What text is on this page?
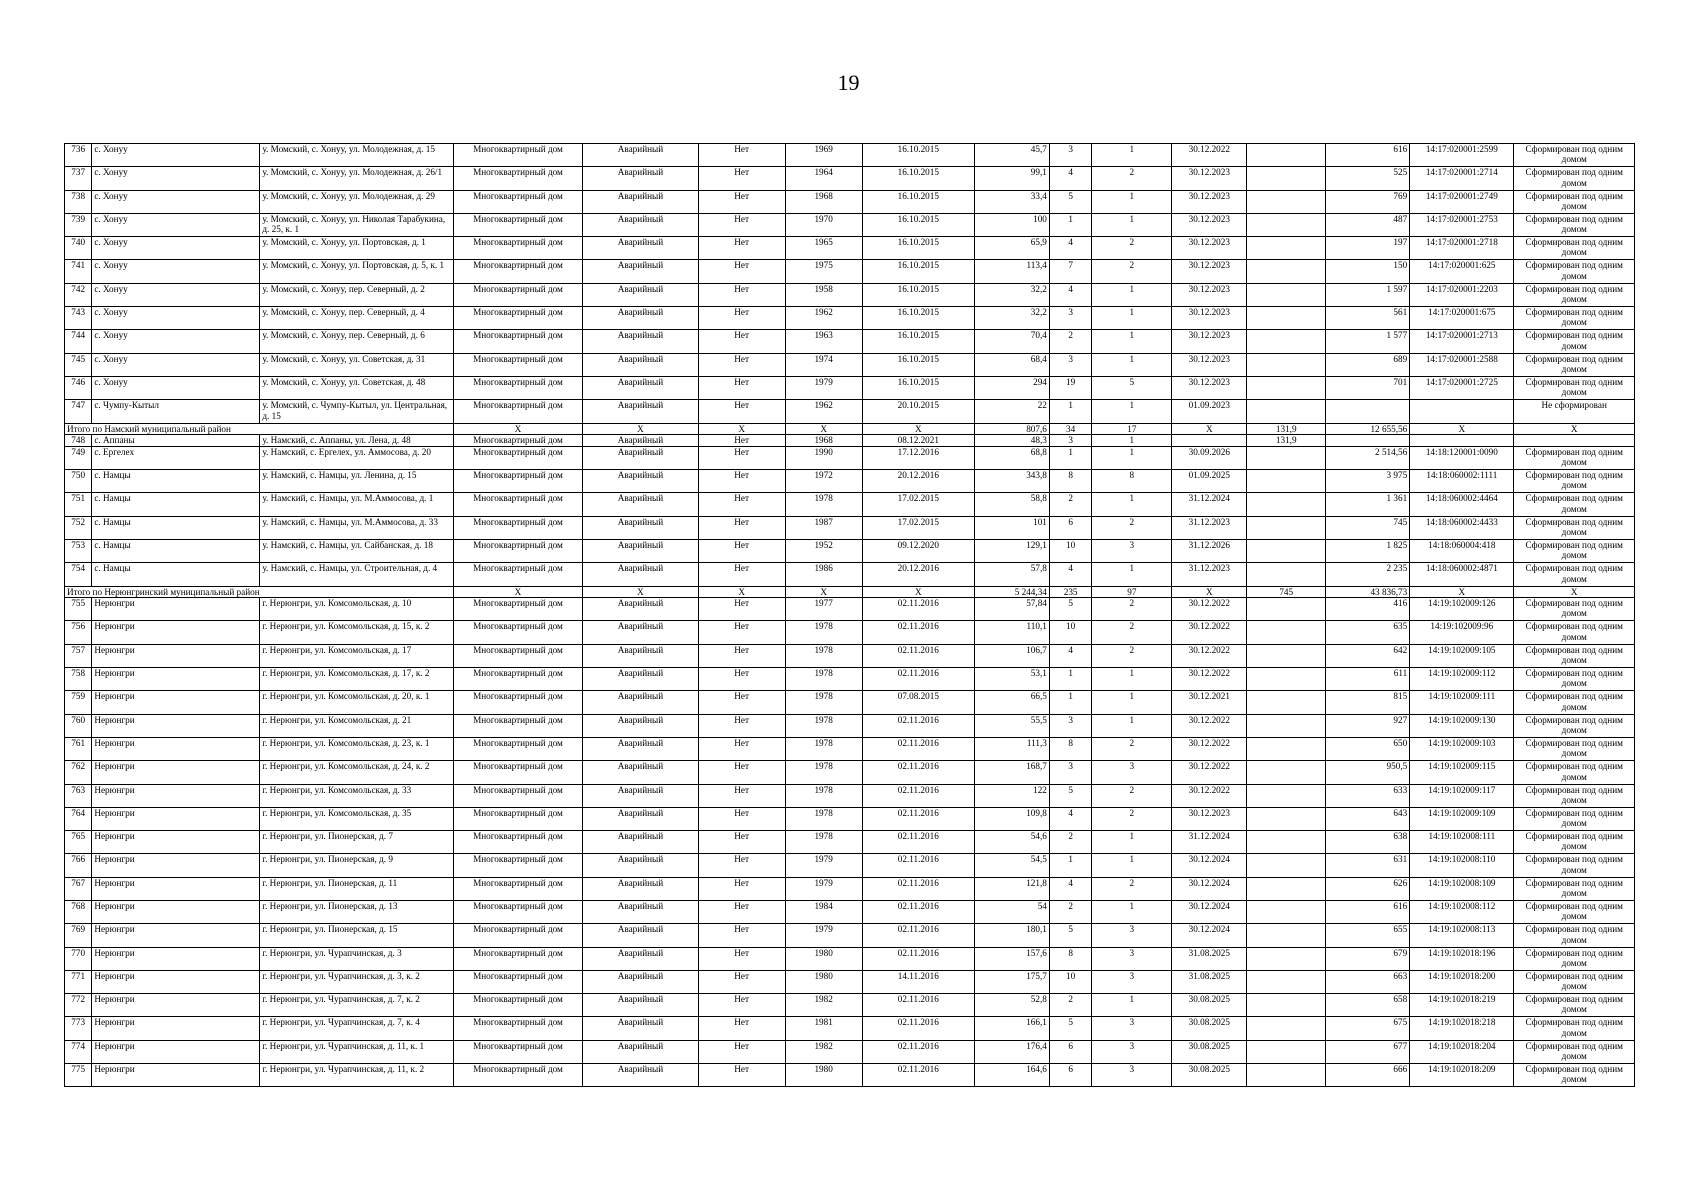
19
736	с. Хонуу	у. Момский, с. Хонуу, ул. Молодежная, д. 15	Многоквартирный дом	Аварийный	Нет	1969	16.10.2015	45,7	3	1	30.12.2022		616	14:17:020001:2599	Сформирован под одним домом
737	с. Хонуу	у. Момский, с. Хонуу, ул. Молодежная, д. 26/1	Многоквартирный дом	Аварийный	Нет	1964	16.10.2015	99,1	4	2	30.12.2023		525	14:17:020001:2714	Сформирован под одним домом
738	с. Хонуу	у. Момский, с. Хонуу, ул. Молодежная, д. 29	Многоквартирный дом	Аварийный	Нет	1968	16.10.2015	33,4	5	1	30.12.2023		769	14:17:020001:2749	Сформирован под одним домом
739	с. Хонуу	у. Момский, с. Хонуу, ул. Николая Тарабукина, д. 25, к. 1	Многоквартирный дом	Аварийный	Нет	1970	16.10.2015	100	1	1	30.12.2023		487	14:17:020001:2753	Сформирован под одним домом
740	с. Хонуу	у. Момский, с. Хонуу, ул. Портовская, д. 1	Многоквартирный дом	Аварийный	Нет	1965	16.10.2015	65,9	4	2	30.12.2023		197	14:17:020001:2718	Сформирован под одним домом
741	с. Хонуу	у. Момский, с. Хонуу, ул. Портовская, д. 5, к. 1	Многоквартирный дом	Аварийный	Нет	1975	16.10.2015	113,4	7	2	30.12.2023		150	14:17:020001:625	Сформирован под одним домом
742	с. Хонуу	у. Момский, с. Хонуу, пер. Северный, д. 2	Многоквартирный дом	Аварийный	Нет	1958	16.10.2015	32,2	4	1	30.12.2023		1 597	14:17:020001:2203	Сформирован под одним домом
743	с. Хонуу	у. Момский, с. Хонуу, пер. Северный, д. 4	Многоквартирный дом	Аварийный	Нет	1962	16.10.2015	32,2	3	1	30.12.2023		561	14:17:020001:675	Сформирован под одним домом
744	с. Хонуу	у. Момский, с. Хонуу, пер. Северный, д. 6	Многоквартирный дом	Аварийный	Нет	1963	16.10.2015	70,4	2	1	30.12.2023		1 577	14:17:020001:2713	Сформирован под одним домом
745	с. Хонуу	у. Момский, с. Хонуу, ул. Советская, д. 31	Многоквартирный дом	Аварийный	Нет	1974	16.10.2015	68,4	3	1	30.12.2023		689	14:17:020001:2588	Сформирован под одним домом
746	с. Хонуу	у. Момский, с. Хонуу, ул. Советская, д. 48	Многоквартирный дом	Аварийный	Нет	1979	16.10.2015	294	19	5	30.12.2023		701	14:17:020001:2725	Сформирован под одним домом
747	с. Чумпу-Кытыл	у. Момский, с. Чумпу-Кытыл, ул. Центральная, д. 15	Многоквартирный дом	Аварийный	Нет	1962	20.10.2015	22	1	1	01.09.2023				Не сформирован
Итого по Намский муниципальный район			X	X	X	X	X	807,6	34	17	X	131,9	12 655,56	X	X
748	с. Аппаны	у. Намский, с. Аппаны, ул. Лена, д. 48	Многоквартирный дом	Аварийный	Нет	1968	08.12.2021	48,3	3	1		131,9			
749	с. Ергелех	у. Намский, с. Ергелех, ул. Аммосова, д. 20	Многоквартирный дом	Аварийный	Нет	1990	17.12.2016	68,8	1	1	30.09.2026		2 514,56	14:18:120001:0090	Сформирован под одним домом
750	с. Намцы	у. Намский, с. Намцы, ул. Ленина, д. 15	Многоквартирный дом	Аварийный	Нет	1972	20.12.2016	343,8	8	8	01.09.2025		3 975	14:18:060002:1111	Сформирован под одним домом
751	с. Намцы	у. Намский, с. Намцы, ул. М.Аммосова, д. 1	Многоквартирный дом	Аварийный	Нет	1978	17.02.2015	58,8	2	1	31.12.2024		1 361	14:18:060002:4464	Сформирован под одним домом
752	с. Намцы	у. Намский, с. Намцы, ул. М.Аммосова, д. 33	Многоквартирный дом	Аварийный	Нет	1987	17.02.2015	101	6	2	31.12.2023		745	14:18:060002:4433	Сформирован под одним домом
753	с. Намцы	у. Намский, с. Намцы, ул. Сайбанская, д. 18	Многоквартирный дом	Аварийный	Нет	1952	09.12.2020	129,1	10	3	31.12.2026		1 825	14:18:060004:418	Сформирован под одним домом
754	с. Намцы	у. Намский, с. Намцы, ул. Строительная, д. 4	Многоквартирный дом	Аварийный	Нет	1986	20.12.2016	57,8	4	1	31.12.2023		2 235	14:18:060002:4871	Сформирован под одним домом
Итого по Нерюнгринский муниципальный район			X	X	X	X	X	5 244,34	235	97	X	745	43 836,73	X	X
755	Нерюнгри	г. Нерюнгри, ул. Комсомольская, д. 10	Многоквартирный дом	Аварийный	Нет	1977	02.11.2016	57,84	5	2	30.12.2022		416	14:19:102009:126	Сформирован под одним домом
756	Нерюнгри	г. Нерюнгри, ул. Комсомольская, д. 15, к. 2	Многоквартирный дом	Аварийный	Нет	1978	02.11.2016	110,1	10	2	30.12.2022		635	14:19:102009:96	Сформирован под одним домом
757	Нерюнгри	г. Нерюнгри, ул. Комсомольская, д. 17	Многоквартирный дом	Аварийный	Нет	1978	02.11.2016	106,7	4	2	30.12.2022		642	14:19:102009:105	Сформирован под одним домом
758	Нерюнгри	г. Нерюнгри, ул. Комсомольская, д. 17, к. 2	Многоквартирный дом	Аварийный	Нет	1978	02.11.2016	53,1	1	1	30.12.2022		611	14:19:102009:112	Сформирован под одним домом
759	Нерюнгри	г. Нерюнгри, ул. Комсомольская, д. 20, к. 1	Многоквартирный дом	Аварийный	Нет	1978	07.08.2015	66,5	1	1	30.12.2021		815	14:19:102009:111	Сформирован под одним домом
760	Нерюнгри	г. Нерюнгри, ул. Комсомольская, д. 21	Многоквартирный дом	Аварийный	Нет	1978	02.11.2016	55,5	3	1	30.12.2022		927	14:19:102009:130	Сформирован под одним домом
761	Нерюнгри	г. Нерюнгри, ул. Комсомольская, д. 23, к. 1	Многоквартирный дом	Аварийный	Нет	1978	02.11.2016	111,3	8	2	30.12.2022		650	14:19:102009:103	Сформирован под одним домом
762	Нерюнгри	г. Нерюнгри, ул. Комсомольская, д. 24, к. 2	Многоквартирный дом	Аварийный	Нет	1978	02.11.2016	168,7	3	3	30.12.2022		950,5	14:19:102009:115	Сформирован под одним домом
763	Нерюнгри	г. Нерюнгри, ул. Комсомольская, д. 33	Многоквартирный дом	Аварийный	Нет	1978	02.11.2016	122	5	2	30.12.2022		633	14:19:102009:117	Сформирован под одним домом
764	Нерюнгри	г. Нерюнгри, ул. Комсомольская, д. 35	Многоквартирный дом	Аварийный	Нет	1978	02.11.2016	109,8	4	2	30.12.2023		643	14:19:102009:109	Сформирован под одним домом
765	Нерюнгри	г. Нерюнгри, ул. Пионерская, д. 7	Многоквартирный дом	Аварийный	Нет	1978	02.11.2016	54,6	2	1	31.12.2024		638	14:19:102008:111	Сформирован под одним домом
766	Нерюнгри	г. Нерюнгри, ул. Пионерская, д. 9	Многоквартирный дом	Аварийный	Нет	1979	02.11.2016	54,5	1	1	30.12.2024		631	14:19:102008:110	Сформирован под одним домом
767	Нерюнгри	г. Нерюнгри, ул. Пионерская, д. 11	Многоквартирный дом	Аварийный	Нет	1979	02.11.2016	121,8	4	2	30.12.2024		626	14:19:102008:109	Сформирован под одним домом
768	Нерюнгри	г. Нерюнгри, ул. Пионерская, д. 13	Многоквартирный дом	Аварийный	Нет	1984	02.11.2016	54	2	1	30.12.2024		616	14:19:102008:112	Сформирован под одним домом
769	Нерюнгри	г. Нерюнгри, ул. Пионерская, д. 15	Многоквартирный дом	Аварийный	Нет	1979	02.11.2016	180,1	5	3	30.12.2024		655	14:19:102008:113	Сформирован под одним домом
770	Нерюнгри	г. Нерюнгри, ул. Чурапчинская, д. 3	Многоквартирный дом	Аварийный	Нет	1980	02.11.2016	157,6	8	3	31.08.2025		679	14:19:102018:196	Сформирован под одним домом
771	Нерюнгри	г. Нерюнгри, ул. Чурапчинская, д. 3, к. 2	Многоквартирный дом	Аварийный	Нет	1980	14.11.2016	175,7	10	3	31.08.2025		663	14:19:102018:200	Сформирован под одним домом
772	Нерюнгри	г. Нерюнгри, ул. Чурапчинская, д. 7, к. 2	Многоквартирный дом	Аварийный	Нет	1982	02.11.2016	52,8	2	1	30.08.2025		658	14:19:102018:219	Сформирован под одним домом
773	Нерюнгри	г. Нерюнгри, ул. Чурапчинская, д. 7, к. 4	Многоквартирный дом	Аварийный	Нет	1981	02.11.2016	166,1	5	3	30.08.2025		675	14:19:102018:218	Сформирован под одним домом
774	Нерюнгри	г. Нерюнгри, ул. Чурапчинская, д. 11, к. 1	Многоквартирный дом	Аварийный	Нет	1982	02.11.2016	176,4	6	3	30.08.2025		677	14:19:102018:204	Сформирован под одним домом
775	Нерюнгри	г. Нерюнгри, ул. Чурапчинская, д. 11, к. 2	Многоквартирный дом	Аварийный	Нет	1980	02.11.2016	164,6	6	3	30.08.2025		666	14:19:102018:209	Сформирован под одним домом
